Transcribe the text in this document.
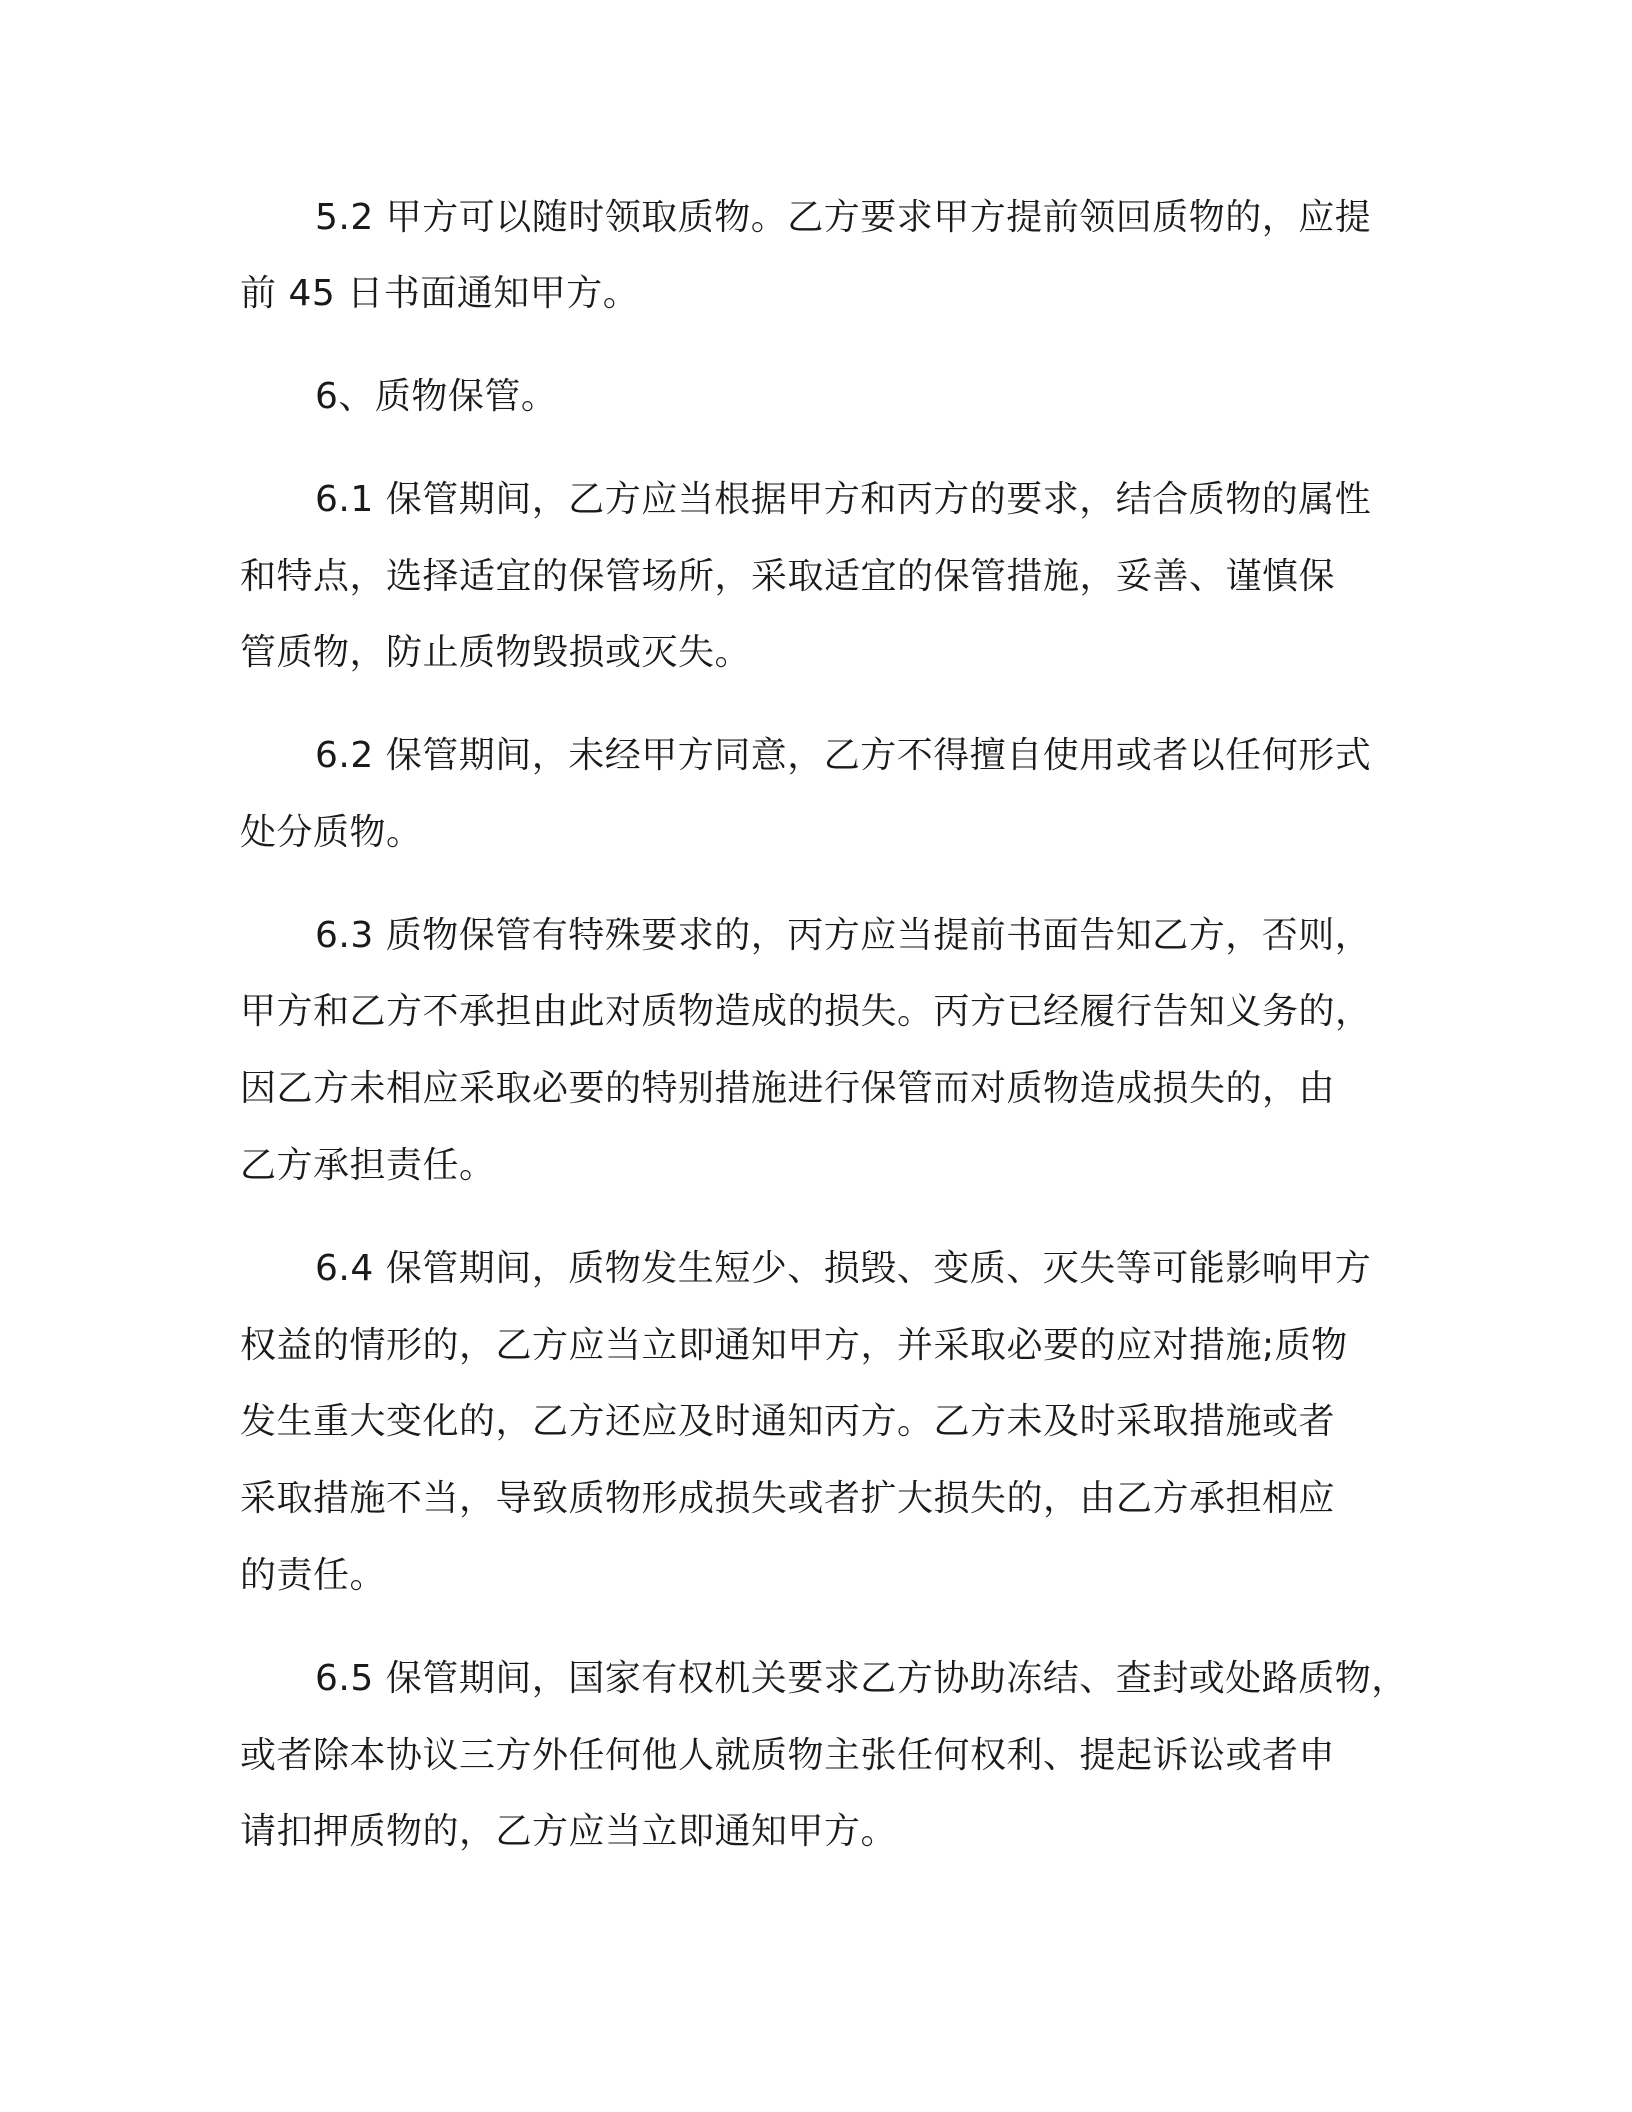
5.2 甲方可以随时领取质物。乙方要求甲方提前领回质物的，应提
前 45 日书面通知甲方。
6、质物保管。
6.1 保管期间，乙方应当根据甲方和丙方的要求，结合质物的属性
和特点，选择适宜的保管场所，采取适宜的保管措施，妥善、谨慎保
管质物，防止质物毁损或灭失。
6.2 保管期间，未经甲方同意，乙方不得擅自使用或者以任何形式
处分质物。
6.3 质物保管有特殊要求的，丙方应当提前书面告知乙方，否则，
甲方和乙方不承担由此对质物造成的损失。丙方已经履行告知义务的，
因乙方未相应采取必要的特别措施进行保管而对质物造成损失的，由
乙方承担责任。
6.4 保管期间，质物发生短少、损毁、变质、灭失等可能影响甲方
权益的情形的，乙方应当立即通知甲方，并采取必要的应对措施;质物
发生重大变化的，乙方还应及时通知丙方。乙方未及时采取措施或者
采取措施不当，导致质物形成损失或者扩大损失的，由乙方承担相应
的责任。
6.5 保管期间，国家有权机关要求乙方协助冻结、查封或处路质物，
或者除本协议三方外任何他人就质物主张任何权利、提起诉讼或者申
请扣押质物的，乙方应当立即通知甲方。
